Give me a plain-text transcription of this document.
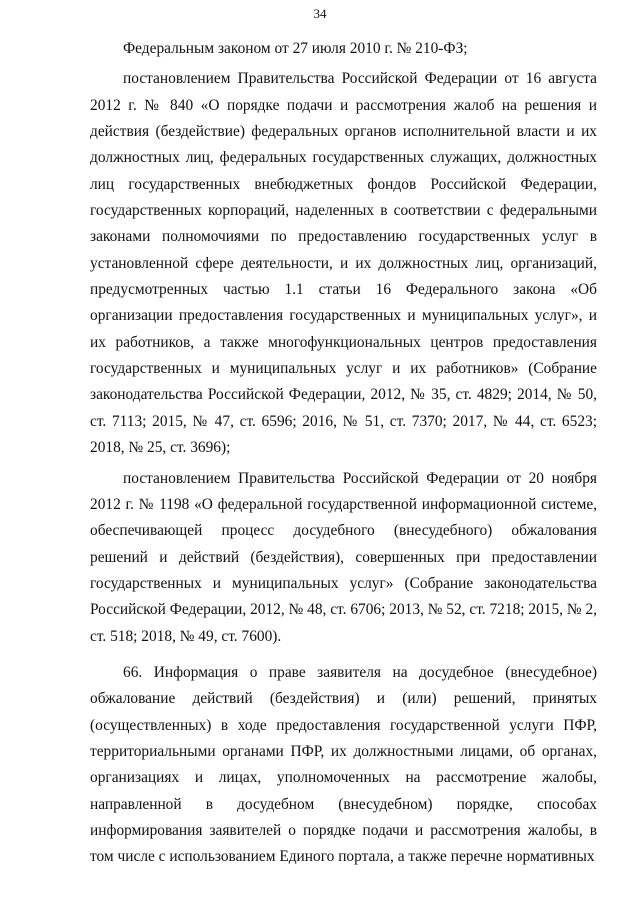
34

Федеральным законом от 27 июля 2010 г. № 210-ФЗ;

постановлением Правительства Российской Федерации от 16 августа 2012 г. № 840 «О порядке подачи и рассмотрения жалоб на решения и действия (бездействие) федеральных органов исполнительной власти и их должностных лиц, федеральных государственных служащих, должностных лиц государственных внебюджетных фондов Российской Федерации, государственных корпораций, наделенных в соответствии с федеральными законами полномочиями по предоставлению государственных услуг в установленной сфере деятельности, и их должностных лиц, организаций, предусмотренных частью 1.1 статьи 16 Федерального закона «Об организации предоставления государственных и муниципальных услуг», и их работников, а также многофункциональных центров предоставления государственных и муниципальных услуг и их работников» (Собрание законодательства Российской Федерации, 2012, № 35, ст. 4829; 2014, № 50, ст. 7113; 2015, № 47, ст. 6596; 2016, № 51, ст. 7370; 2017, № 44, ст. 6523; 2018, № 25, ст. 3696);

постановлением Правительства Российской Федерации от 20 ноября 2012 г. № 1198 «О федеральной государственной информационной системе, обеспечивающей процесс досудебного (внесудебного) обжалования решений и действий (бездействия), совершенных при предоставлении государственных и муниципальных услуг» (Собрание законодательства Российской Федерации, 2012, № 48, ст. 6706; 2013, № 52, ст. 7218; 2015, № 2, ст. 518; 2018, № 49, ст. 7600).

66. Информация о праве заявителя на досудебное (внесудебное) обжалование действий (бездействия) и (или) решений, принятых (осуществленных) в ходе предоставления государственной услуги ПФР, территориальными органами ПФР, их должностными лицами, об органах, организациях и лицах, уполномоченных на рассмотрение жалобы, направленной в досудебном (внесудебном) порядке, способах информирования заявителей о порядке подачи и рассмотрения жалобы, в том числе с использованием Единого портала, а также перечне нормативных
